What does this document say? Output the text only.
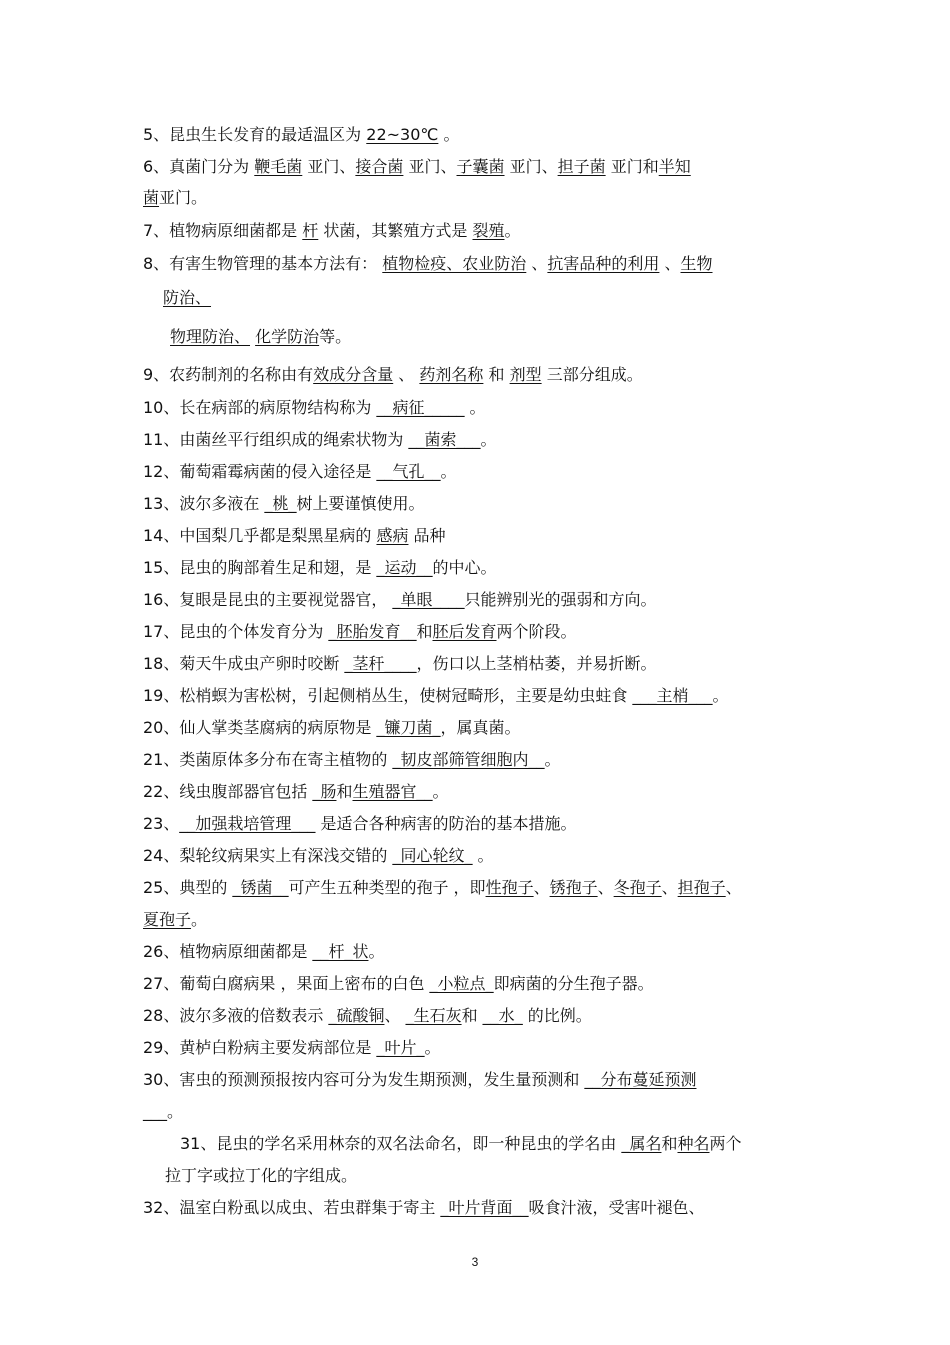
5、昆虫生长发育的最适温区为 22~30℃ 。
6、真菌门分为 鞭毛菌 亚门、接合菌 亚门、子囊菌 亚门、担子菌 亚门和半知
菌亚门。
7、植物病原细菌都是 杆 状菌，其繁殖方式是 裂殖。
8、有害生物管理的基本方法有： 植物检疫、农业防治 、抗害品种的利用 、生物
防治、
物理防治、 化学防治等。
9、农药制剂的名称由有效成分含量 、 药剂名称 和 剂型 三部分组成。
10、长在病部的病原物结构称为 __病征_____ 。
11、由菌丝平行组织成的绳索状物为 __菌索___。
12、葡萄霜霉病菌的侵入途径是 __气孔__。
13、波尔多液在 _桃_树上要谨慎使用。
14、中国梨几乎都是梨黑星病的 感病 品种
15、昆虫的胸部着生足和翅，是 _运动__的中心。
16、复眼是昆虫的主要视觉器官， _单眼____只能辨别光的强弱和方向。
17、昆虫的个体发育分为 _胚胎发育__和胚后发育两个阶段。
18、菊天牛成虫产卵时咬断 _茎秆____，伤口以上茎梢枯萎，并易折断。
19、松梢螟为害松树，引起侧梢丛生，使树冠畸形，主要是幼虫蛀食 ___主梢___。
20、仙人掌类茎腐病的病原物是 _镰刀菌_，属真菌。
21、类菌原体多分布在寄主植物的 _韧皮部筛管细胞内__。
22、线虫腹部器官包括 _肠和生殖器官__。
23、__加强栽培管理___ 是适合各种病害的防治的基本措施。
24、梨轮纹病果实上有深浅交错的 _同心轮纹_ 。
25、典型的 _锈菌__可产生五种类型的孢子 ，即性孢子、锈孢子、冬孢子、担孢子、
夏孢子。
26、植物病原细菌都是 __杆_状。
27、葡萄白腐病果 ，果面上密布的白色 _小粒点_即病菌的分生孢子器。
28、波尔多液的倍数表示 _硫酸铜、 _生石灰和 __水_ 的比例。
29、黄栌白粉病主要发病部位是 _叶片_。
30、害虫的预测预报按内容可分为发生期预测，发生量预测和 __分布蔓延预测
___。
31、昆虫的学名采用林奈的双名法命名，即一种昆虫的学名由 _属名和种名两个
拉丁字或拉丁化的字组成。
32、温室白粉虱以成虫、若虫群集于寄主 _叶片背面__吸食汁液，受害叶褪色、
3
